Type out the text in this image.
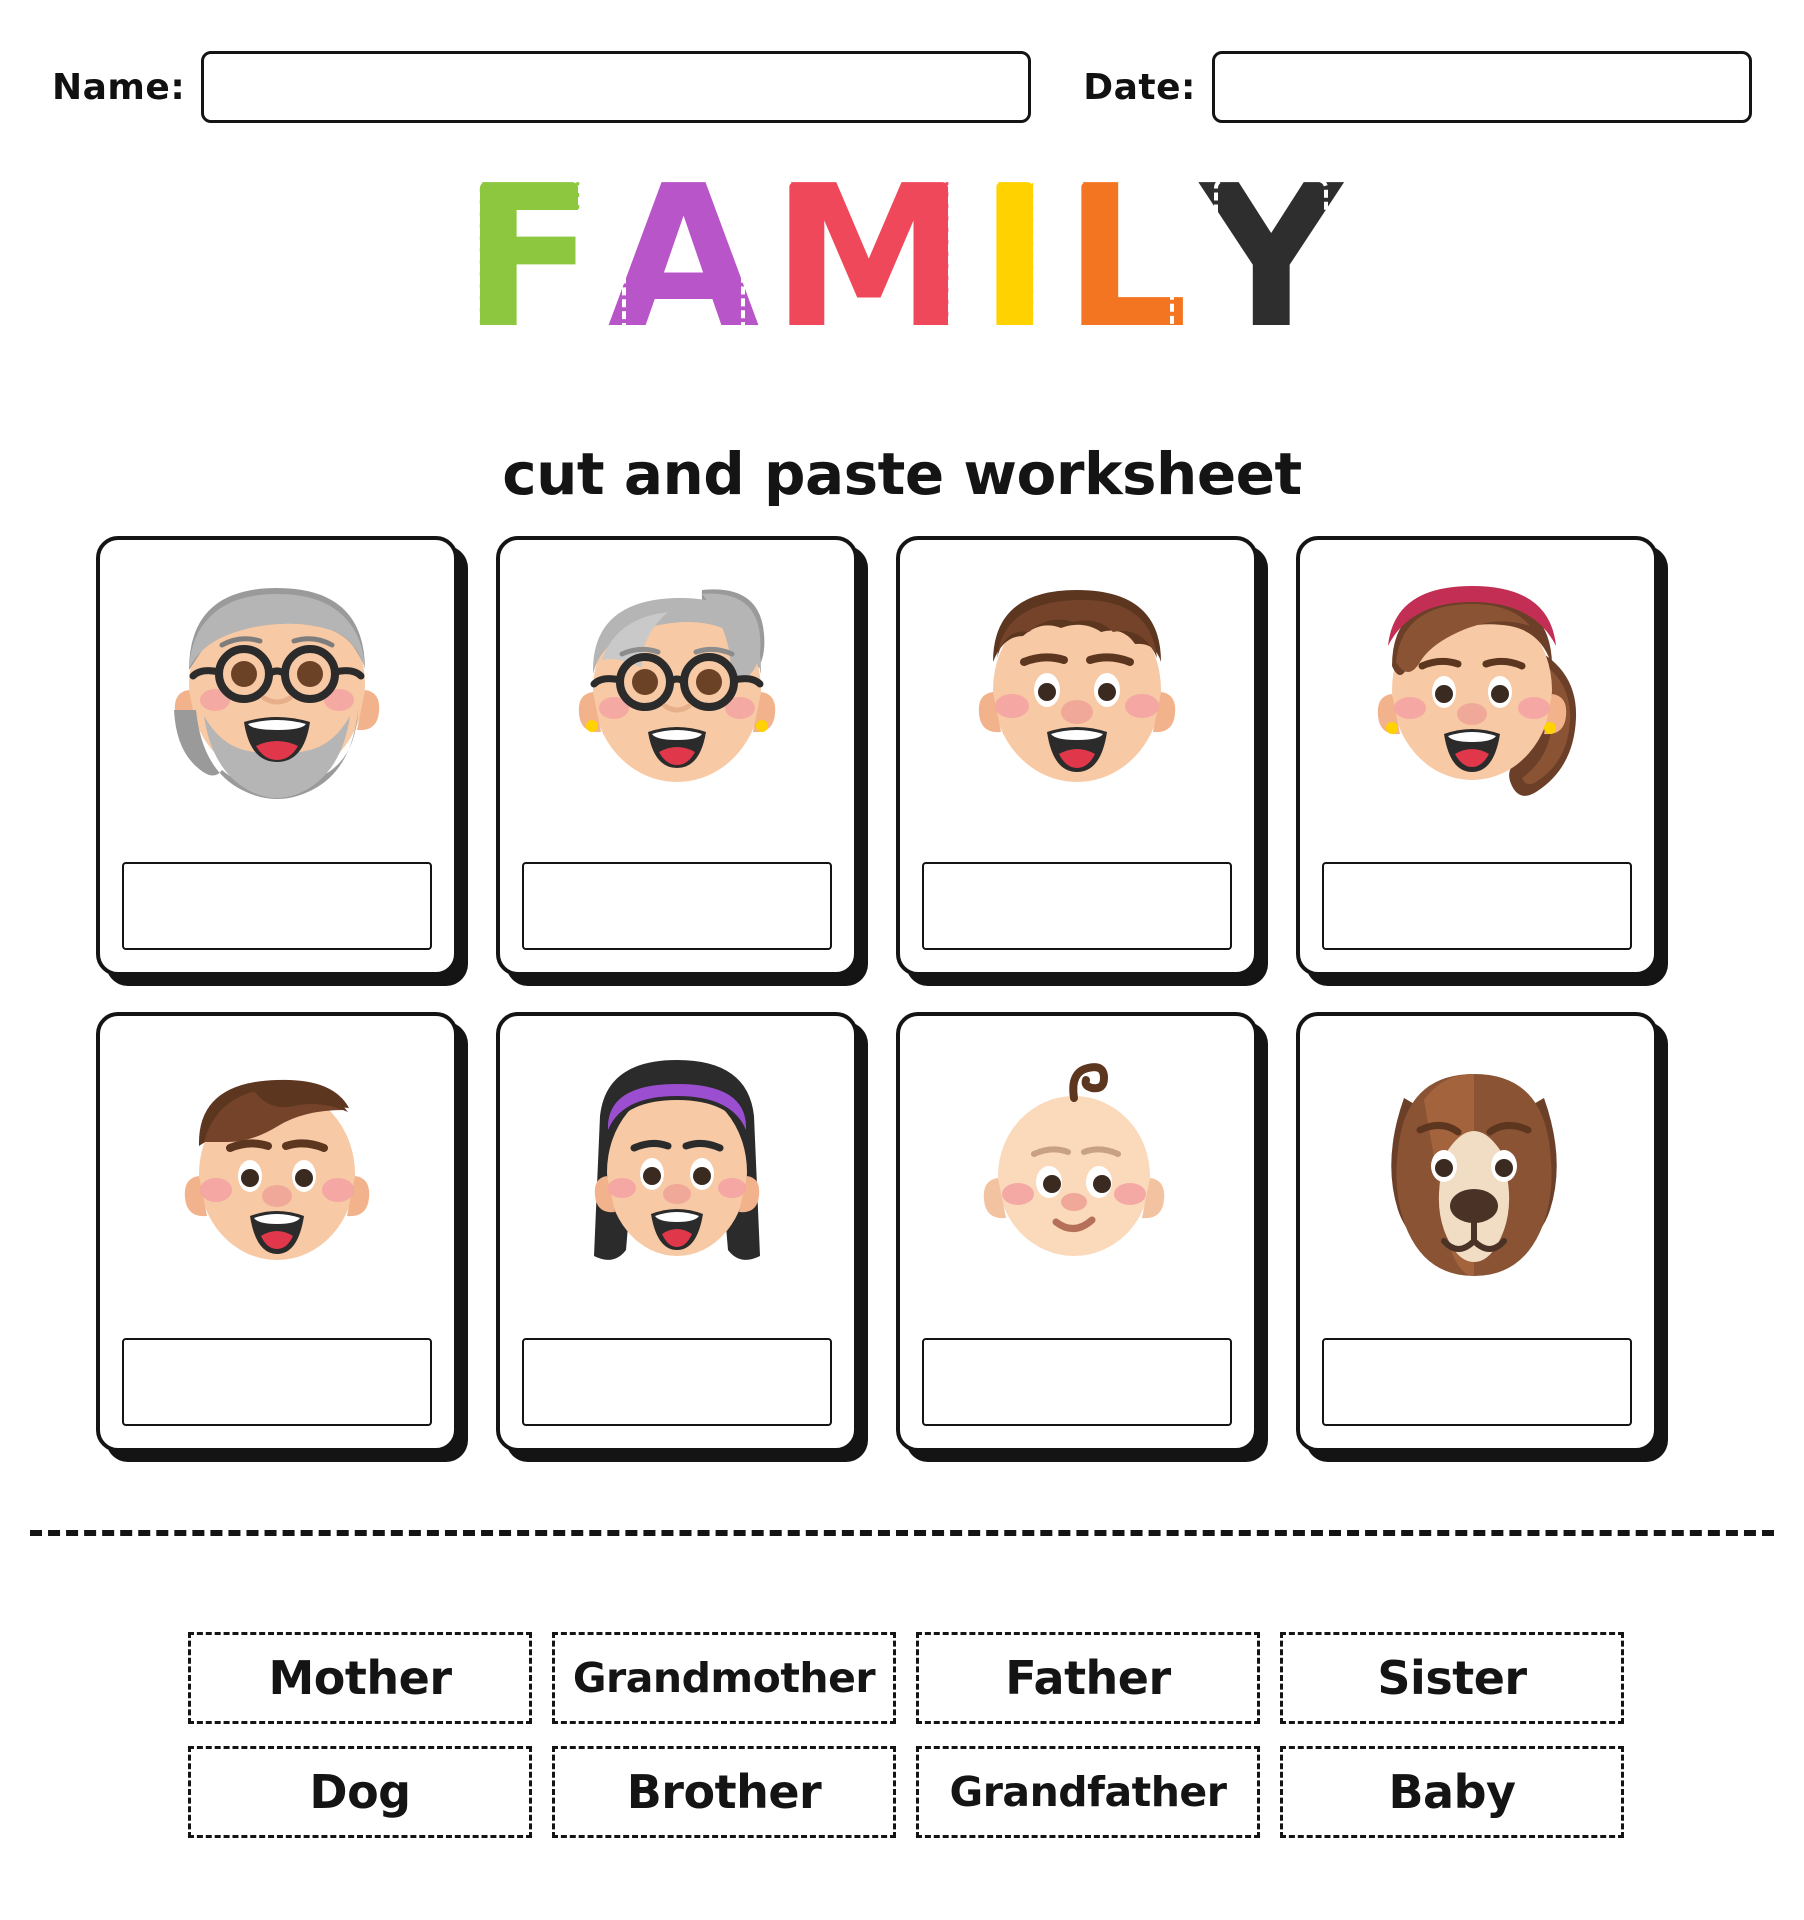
Name:	Date:
F
A
M
I
L
Y
cut and paste worksheet
Mother	Grandmother	Father	Sister
Dog	Brother	Grandfather	Baby
